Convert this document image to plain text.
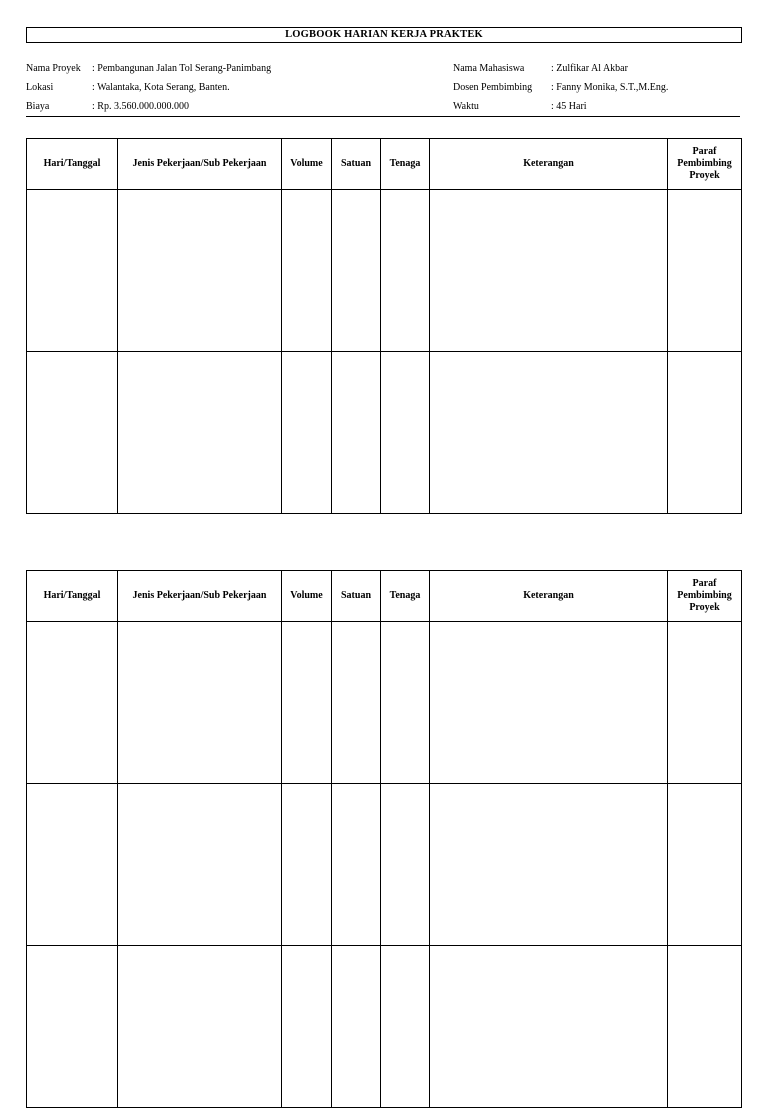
LOGBOOK HARIAN KERJA PRAKTEK
Nama Proyek	: Pembangunan Jalan Tol Serang-Panimbang
Lokasi	: Walantaka, Kota Serang, Banten.
Biaya	: Rp. 3.560.000.000.000
Nama Mahasiswa	: Zulfikar Al Akbar
Dosen Pembimbing	: Fanny Monika, S.T.,M.Eng.
Waktu	: 45 Hari
Hari/Tanggal	Jenis Pekerjaan/Sub Pekerjaan	Volume	Satuan	Tenaga	Keterangan	Paraf
Pembimbing
Proyek

Hari/Tanggal	Jenis Pekerjaan/Sub Pekerjaan	Volume	Satuan	Tenaga	Keterangan	Paraf
Pembimbing
Proyek
